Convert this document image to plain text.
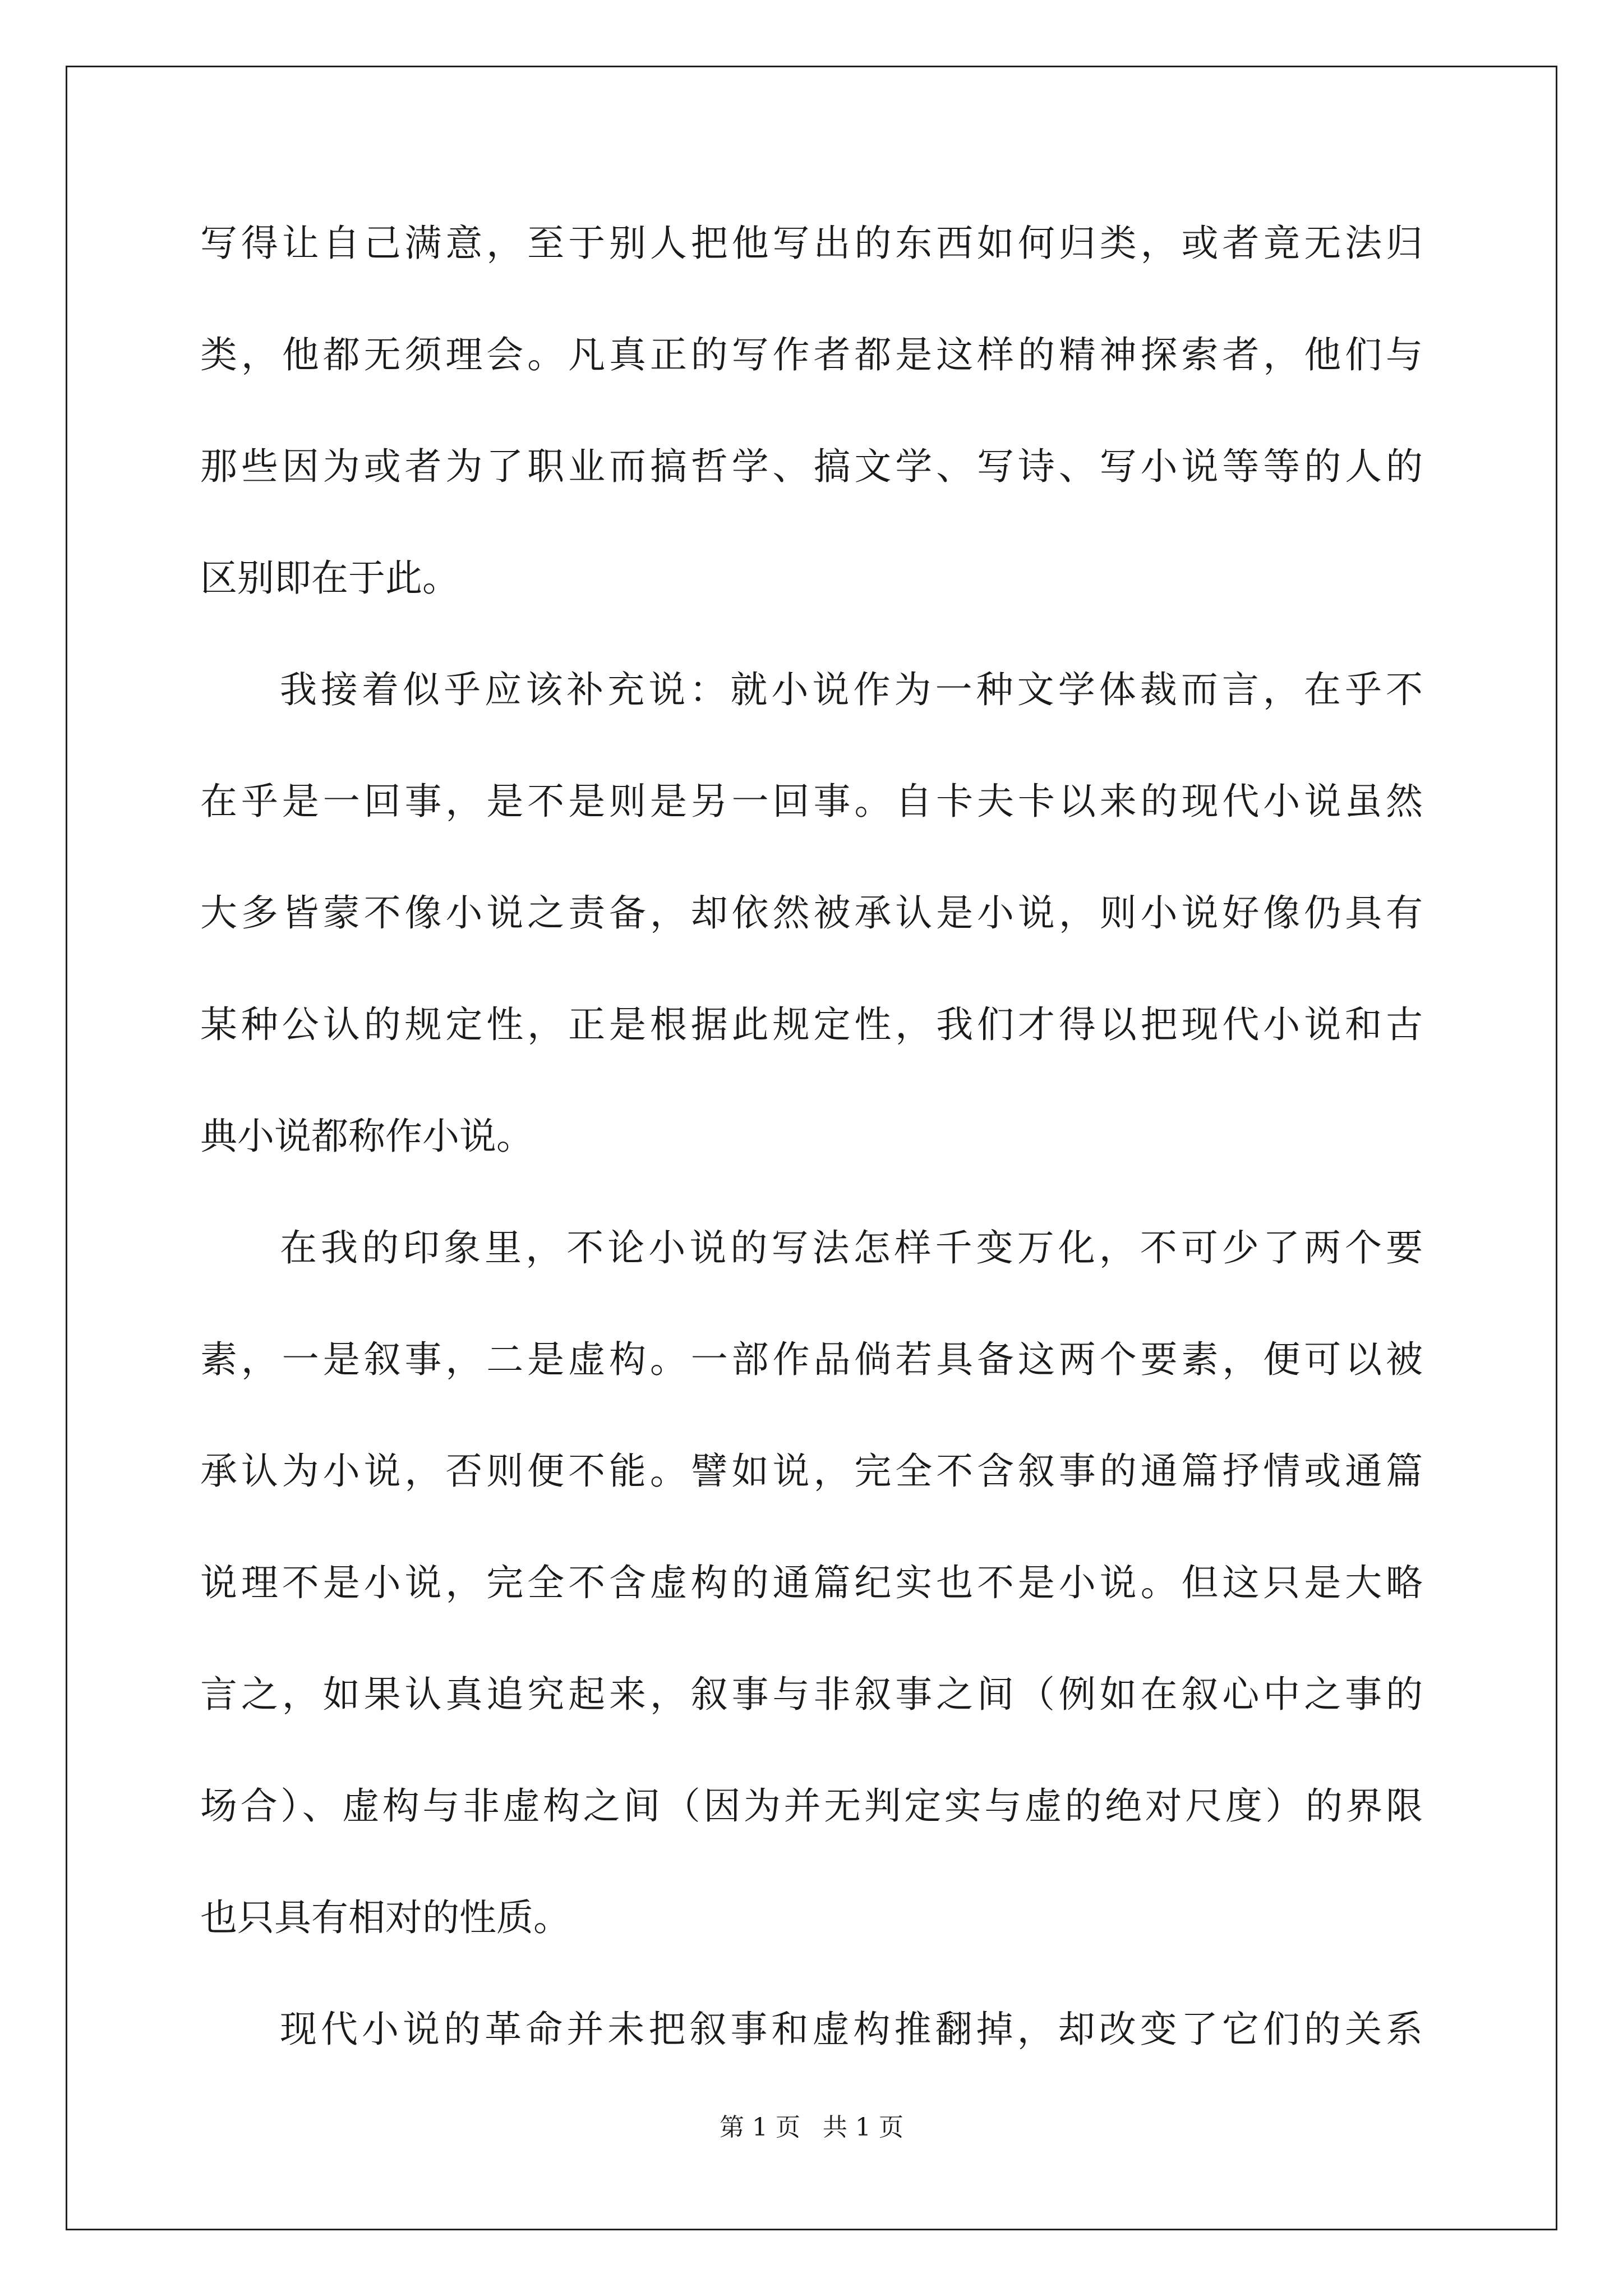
写得让自己满意，至于别人把他写出的东西如何归类，或者竟无法归
类，他都无须理会。凡真正的写作者都是这样的精神探索者，他们与
那些因为或者为了职业而搞哲学、搞文学、写诗、写小说等等的人的
区别即在于此。
我接着似乎应该补充说：就小说作为一种文学体裁而言，在乎不
在乎是一回事，是不是则是另一回事。自卡夫卡以来的现代小说虽然
大多皆蒙不像小说之责备，却依然被承认是小说，则小说好像仍具有
某种公认的规定性，正是根据此规定性，我们才得以把现代小说和古
典小说都称作小说。
在我的印象里，不论小说的写法怎样千变万化，不可少了两个要
素，一是叙事，二是虚构。一部作品倘若具备这两个要素，便可以被
承认为小说，否则便不能。譬如说，完全不含叙事的通篇抒情或通篇
说理不是小说，完全不含虚构的通篇纪实也不是小说。但这只是大略
言之，如果认真追究起来，叙事与非叙事之间（例如在叙心中之事的
场合）、虚构与非虚构之间（因为并无判定实与虚的绝对尺度）的界限
也只具有相对的性质。
现代小说的革命并未把叙事和虚构推翻掉，却改变了它们的关系
第 1 页 共 1 页
